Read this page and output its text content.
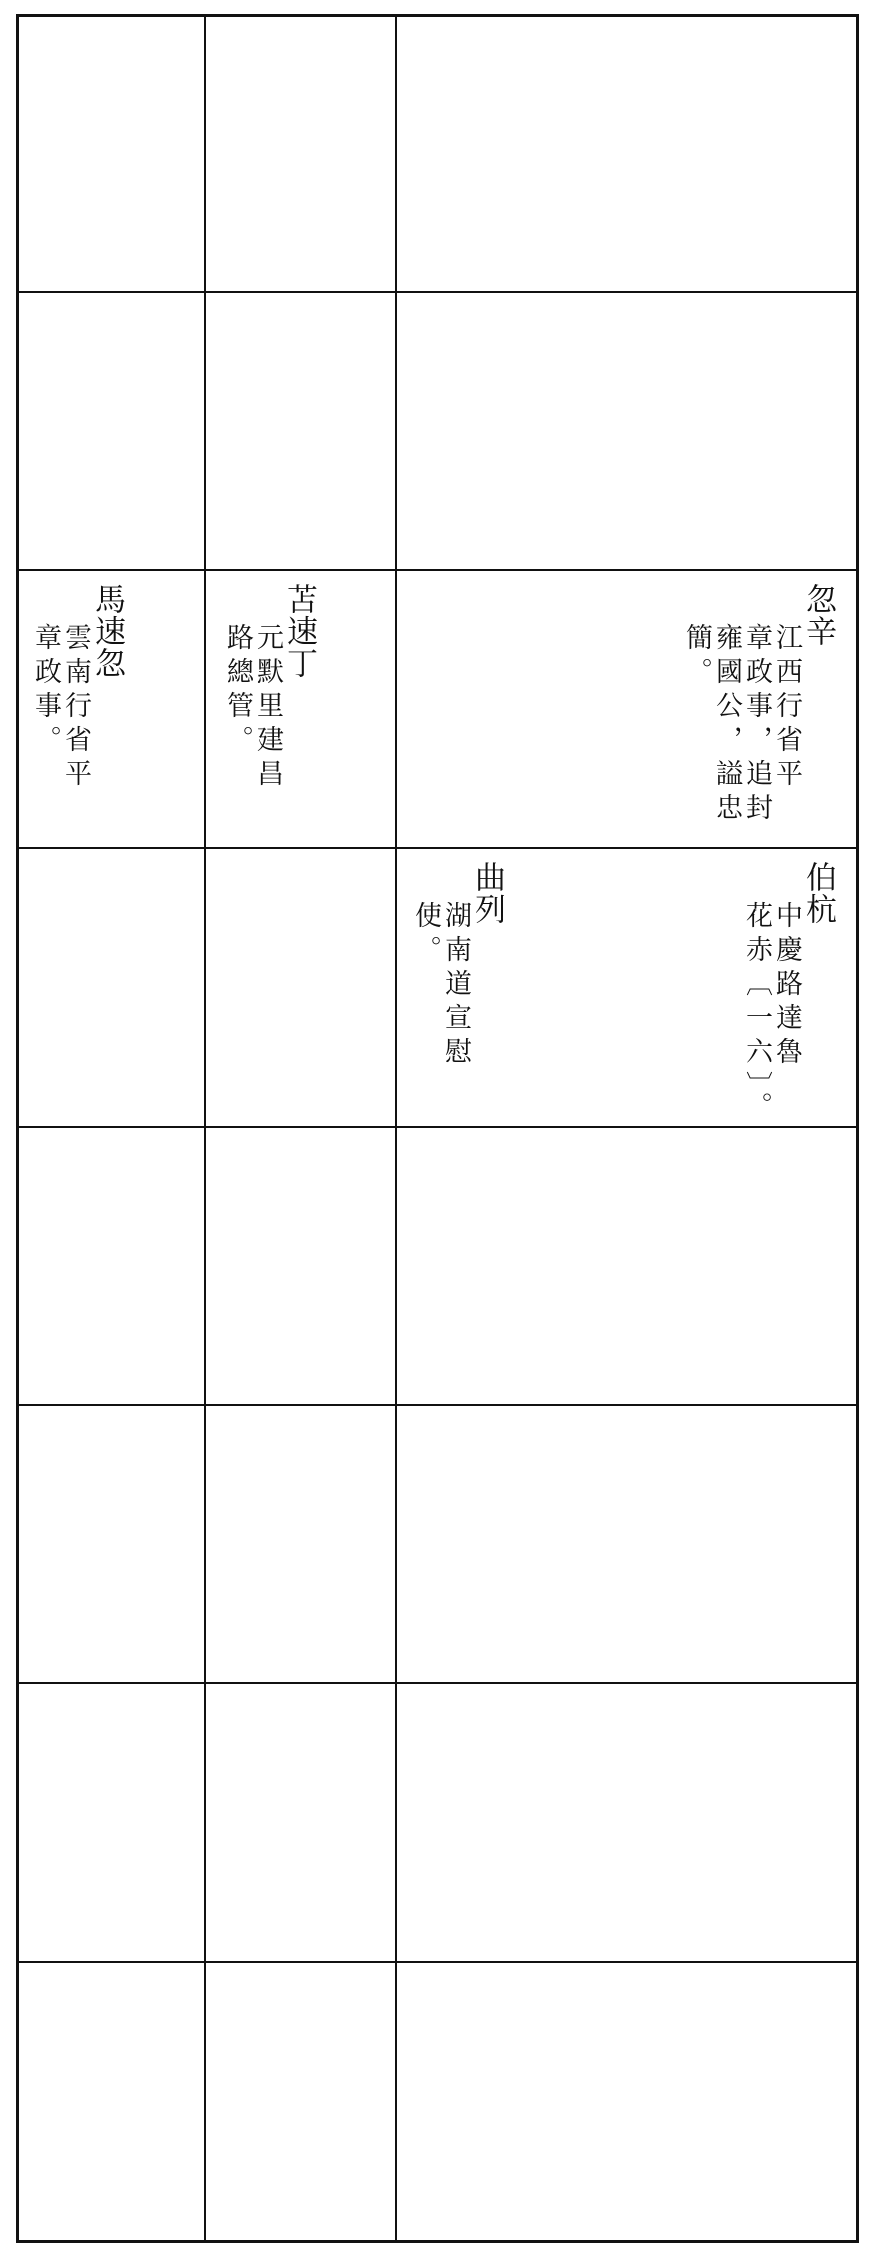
馬速忽
雲南行省平
章政事。	苫速丁
元默里建昌
路總管。
忽辛
江西行省平
章政事，追封
雍國公，謚忠
簡。
伯杭
中慶路達魯
花赤〔一六〕。
曲列
湖南道宣慰
使。
